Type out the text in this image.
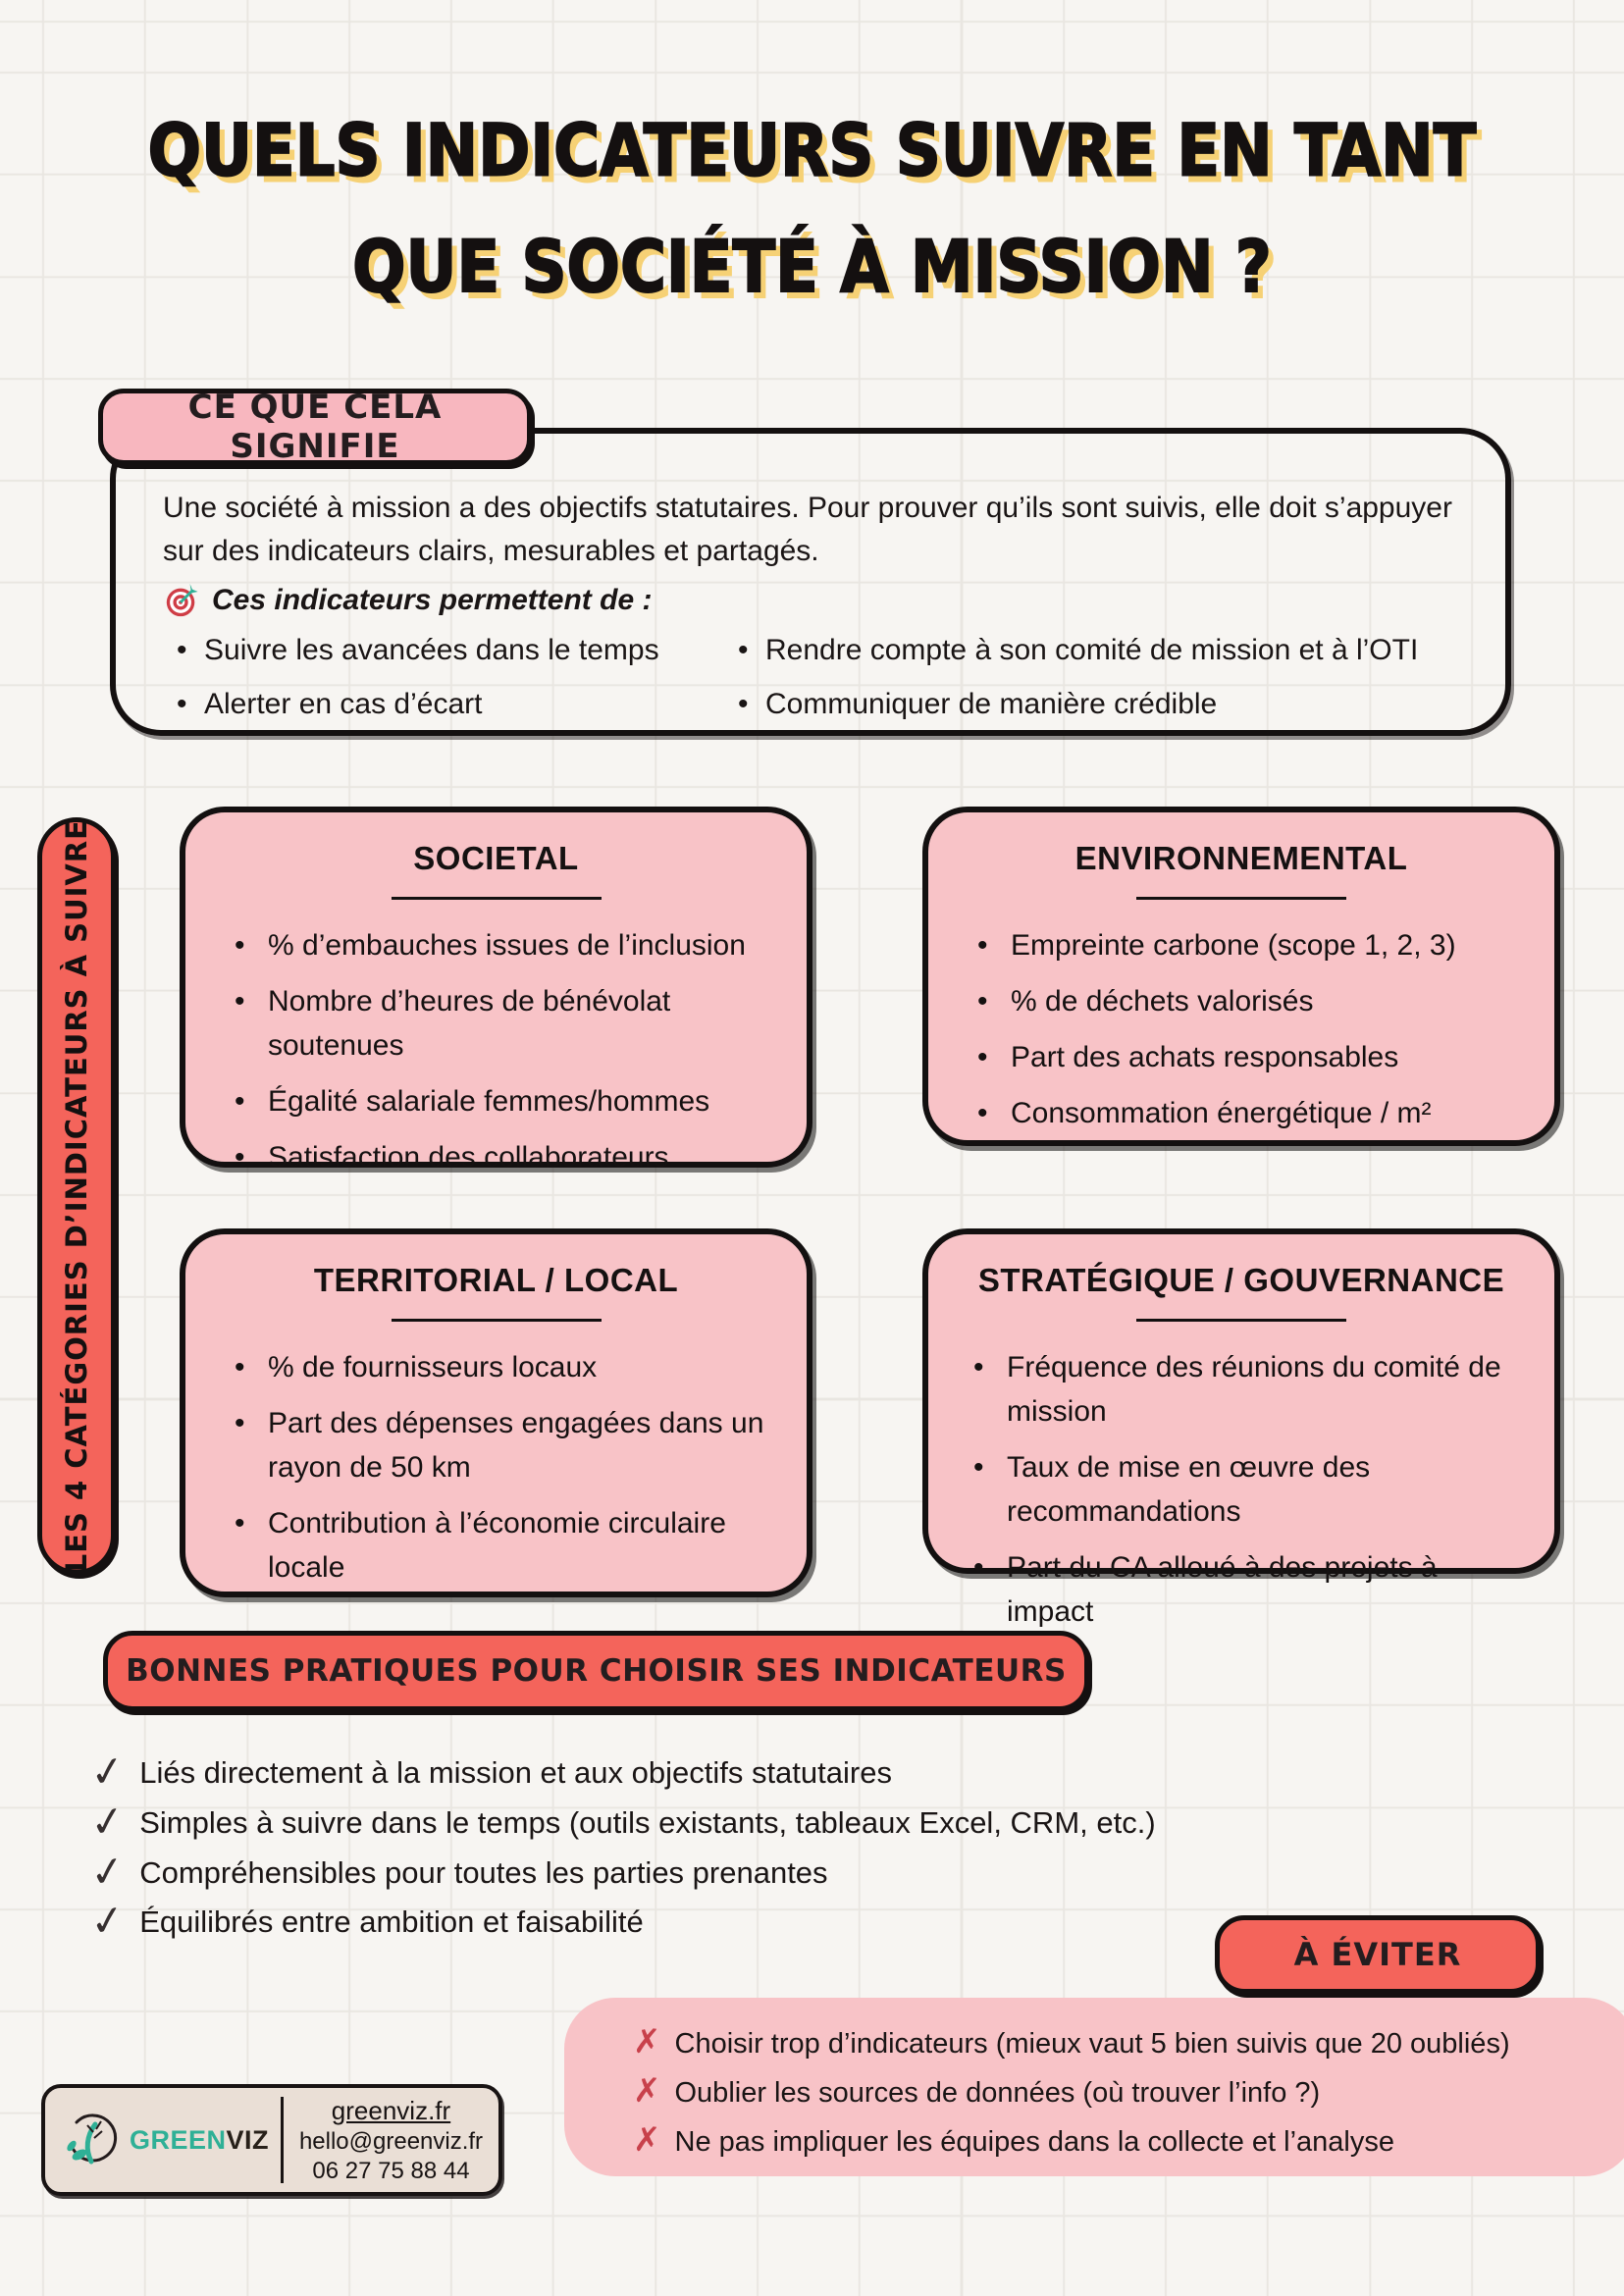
QUELS INDICATEURS SUIVRE EN TANT
QUE SOCIÉTÉ À MISSION ?
CE QUE CELA SIGNIFIE

Une société à mission a des objectifs statutaires. Pour prouver qu’ils sont suivis, elle doit s’appuyer sur des indicateurs clairs, mesurables et partagés.

Ces indicateurs permettent de :
• Suivre les avancées dans le temps
• Alerter en cas d’écart
• Rendre compte à son comité de mission et à l’OTI
• Communiquer de manière crédible
LES 4 CATÉGORIES D’INDICATEURS À SUIVRE	SOCIETAL
• % d’embauches issues de l’inclusion
• Nombre d’heures de bénévolat soutenues
• Égalité salariale femmes/hommes
• Satisfaction des collaborateurs
ENVIRONNEMENTAL
• Empreinte carbone (scope 1, 2, 3)
• % de déchets valorisés
• Part des achats responsables
• Consommation énergétique / m²
TERRITORIAL / LOCAL
• % de fournisseurs locaux
• Part des dépenses engagées dans un rayon de 50 km
• Contribution à l’économie circulaire locale
STRATÉGIQUE / GOUVERNANCE
• Fréquence des réunions du comité de mission
• Taux de mise en œuvre des recommandations
• Part du CA alloué à des projets à impact
BONNES PRATIQUES POUR CHOISIR SES INDICATEURS
✓
Liés directement à la mission et aux objectifs statutaires
✓
Simples à suivre dans le temps (outils existants, tableaux Excel, CRM, etc.)
✓
Compréhensibles pour toutes les parties prenantes
✓
Équilibrés entre ambition et faisabilité
À ÉVITER
✗
Choisir trop d’indicateurs (mieux vaut 5 bien suivis que 20 oubliés)
✗
Oublier les sources de données (où trouver l’info ?)
✗
Ne pas impliquer les équipes dans la collecte et l’analyse
GREENVIZ
greenviz.fr
hello@greenviz.fr
06 27 75 88 44
